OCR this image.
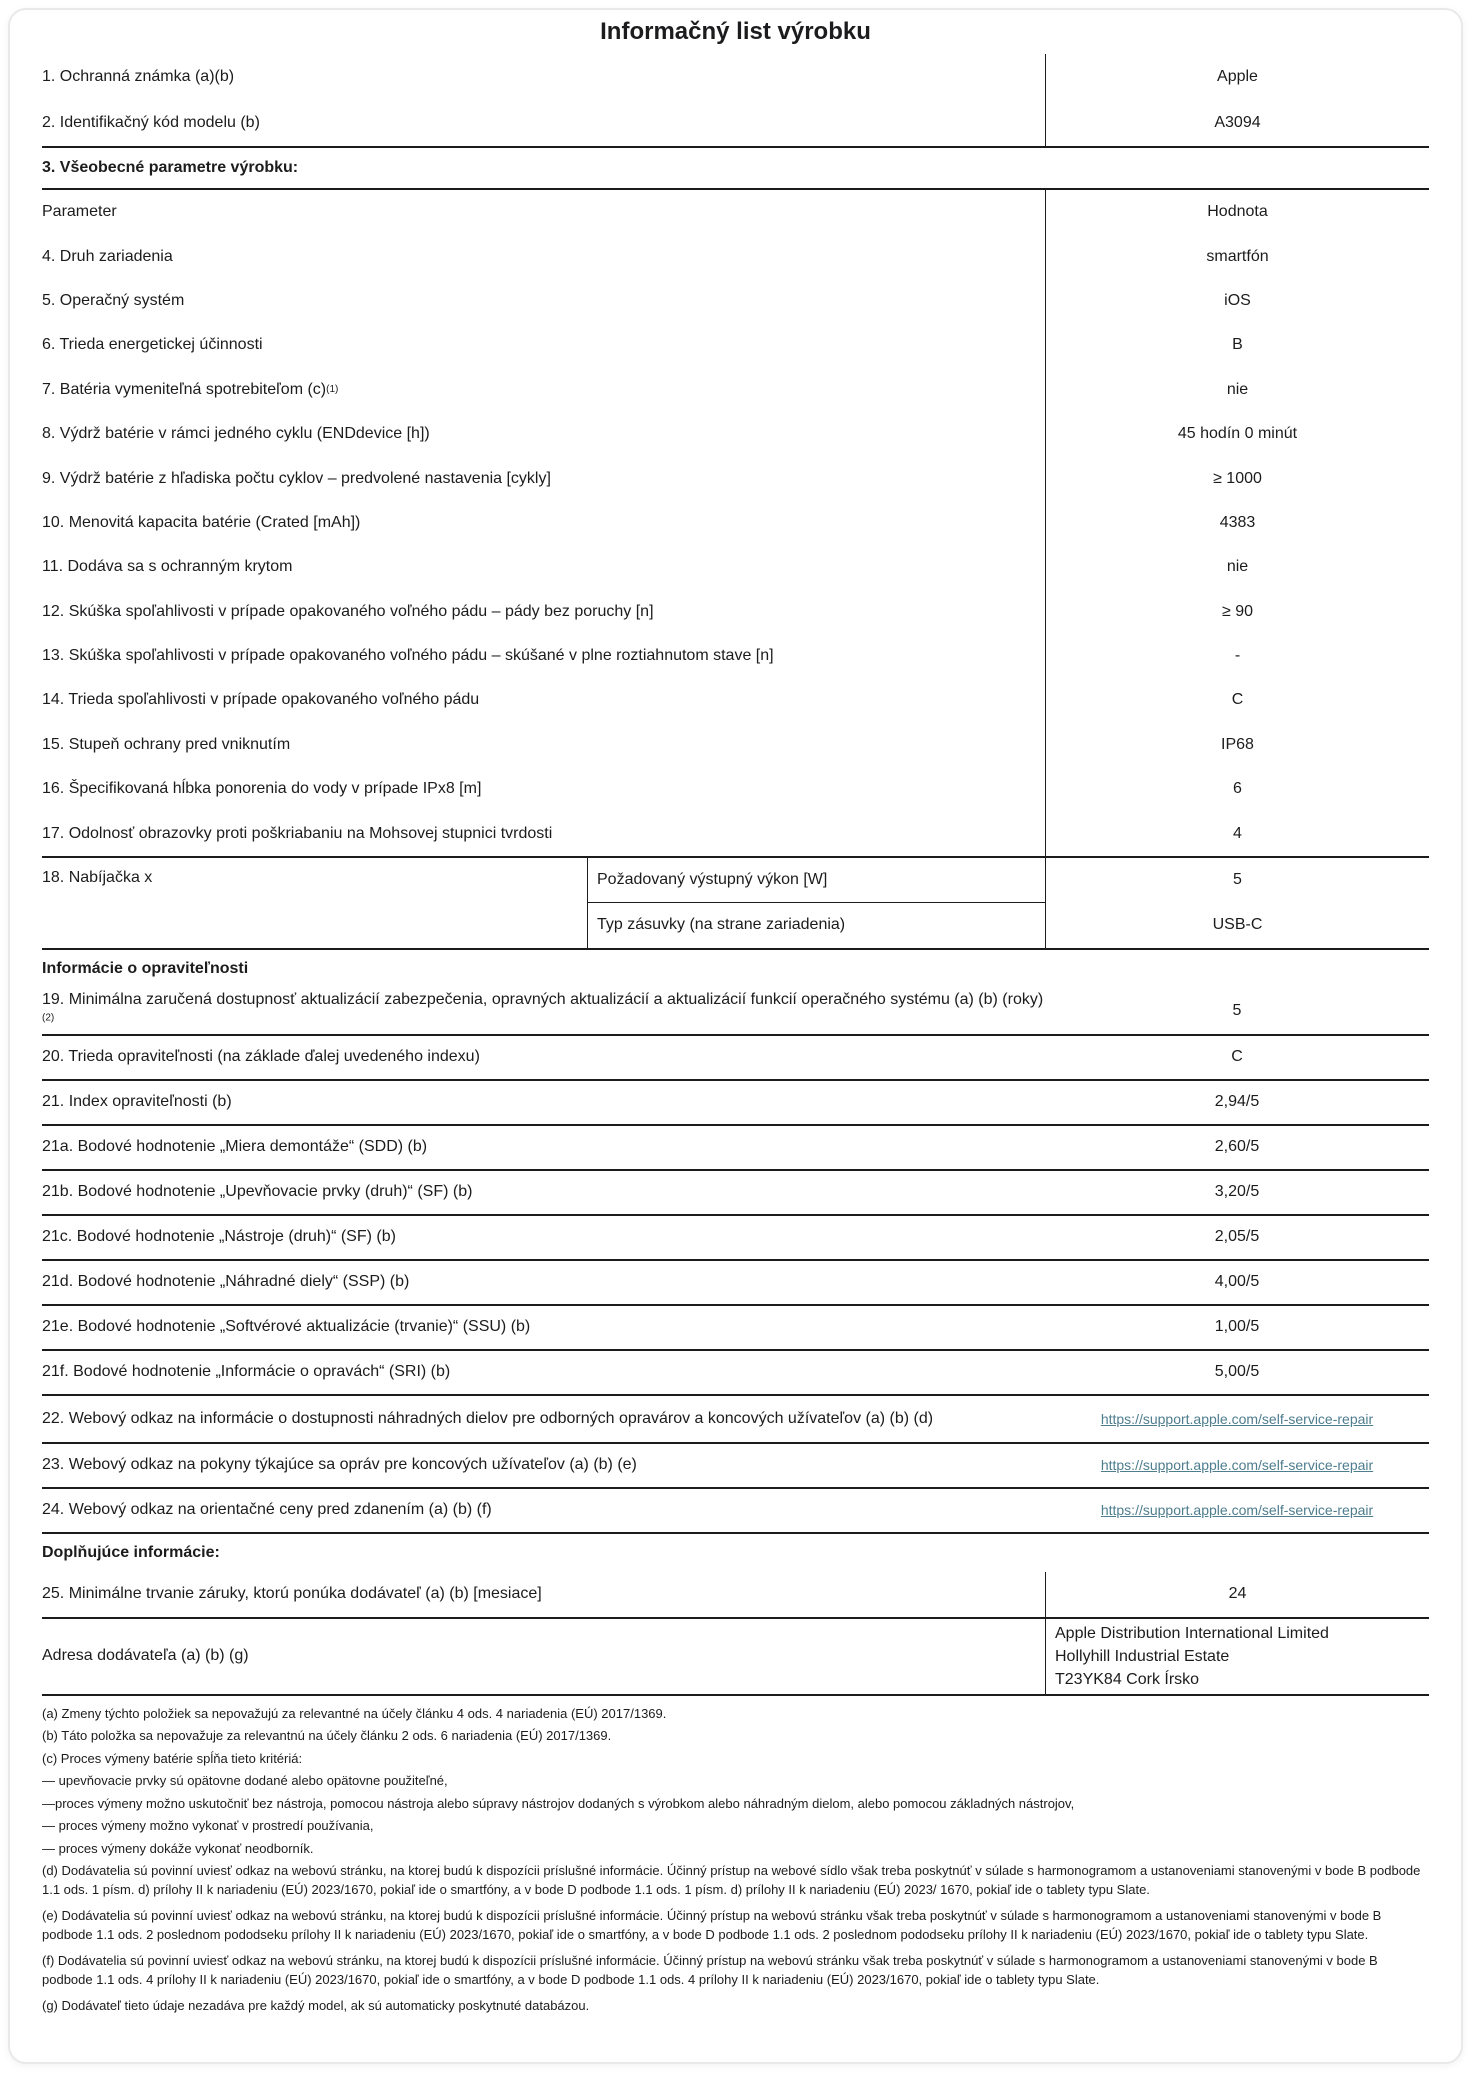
Informačný list výrobku
1. Ochranná známka (a)(b)	Apple
2. Identifikačný kód modelu (b)	A3094
3. Všeobecné parametre výrobku:
Parameter	Hodnota
4. Druh zariadenia	smartfón
5. Operačný systém	iOS
6. Trieda energetickej účinnosti	B
7. Batéria vymeniteľná spotrebiteľom (c) (1)	nie
8. Výdrž batérie v rámci jedného cyklu (ENDdevice [h])	45 hodín 0 minút
9. Výdrž batérie z hľadiska počtu cyklov – predvolené nastavenia [cykly]	≥ 1000
10. Menovitá kapacita batérie (Crated [mAh])	4383
11. Dodáva sa s ochranným krytom	nie
12. Skúška spoľahlivosti v prípade opakovaného voľného pádu – pády bez poruchy [n]	≥ 90
13. Skúška spoľahlivosti v prípade opakovaného voľného pádu – skúšané v plne roztiahnutom stave [n]	-
14. Trieda spoľahlivosti v prípade opakovaného voľného pádu	C
15. Stupeň ochrany pred vniknutím	IP68
16. Špecifikovaná hĺbka ponorenia do vody v prípade IPx8 [m]	6
17. Odolnosť obrazovky proti poškriabaniu na Mohsovej stupnici tvrdosti	4
18. Nabíjačka x	Požadovaný výstupný výkon [W]	5
Typ zásuvky (na strane zariadenia)	USB-C
Informácie o opraviteľnosti
19. Minimálna zaručená dostupnosť aktualizácií zabezpečenia, opravných aktualizácií a aktualizácií funkcií operačného systému (a) (b) (roky) $^{(2)}$	5
20. Trieda opraviteľnosti (na základe ďalej uvedeného indexu)	C
21. Index opraviteľnosti (b)	2,94/5
21a. Bodové hodnotenie „Miera demontáže“ (SDD) (b)	2,60/5
21b. Bodové hodnotenie „Upevňovacie prvky (druh)“ (SF) (b)	3,20/5
21c. Bodové hodnotenie „Nástroje (druh)“ (SF) (b)	2,05/5
21d. Bodové hodnotenie „Náhradné diely“ (SSP) (b)	4,00/5
21e. Bodové hodnotenie „Softvérové aktualizácie (trvanie)“ (SSU) (b)	1,00/5
21f. Bodové hodnotenie „Informácie o opravách“ (SRI) (b)	5,00/5
22. Webový odkaz na informácie o dostupnosti náhradných dielov pre odborných opravárov a koncových užívateľov (a) (b) (d)	https://support.apple.com/self-service-repair
23. Webový odkaz na pokyny týkajúce sa opráv pre koncových užívateľov (a) (b) (e)	https://support.apple.com/self-service-repair
24. Webový odkaz na orientačné ceny pred zdanením (a) (b) (f)	https://support.apple.com/self-service-repair
Doplňujúce informácie:
25. Minimálne trvanie záruky, ktorú ponúka dodávateľ (a) (b) [mesiace]	24
Adresa dodávateľa (a) (b) (g)
Apple Distribution International Limited
Hollyhill Industrial Estate
T23YK84 Cork Írsko

(a) Zmeny týchto položiek sa nepovažujú za relevantné na účely článku 4 ods. 4 nariadenia (EÚ) 2017/1369.

(b) Táto položka sa nepovažuje za relevantnú na účely článku 2 ods. 6 nariadenia (EÚ) 2017/1369.

(c) Proces výmeny batérie spĺňa tieto kritériá:

— upevňovacie prvky sú opätovne dodané alebo opätovne použiteľné,

—proces výmeny možno uskutočniť bez nástroja, pomocou nástroja alebo súpravy nástrojov dodaných s výrobkom alebo náhradným dielom, alebo pomocou základných nástrojov,

— proces výmeny možno vykonať v prostredí používania,

— proces výmeny dokáže vykonať neodborník.

(d) Dodávatelia sú povinní uviesť odkaz na webovú stránku, na ktorej budú k dispozícii príslušné informácie. Účinný prístup na webové sídlo však treba poskytnúť v súlade s harmonogramom a ustanoveniami stanovenými v bode B podbode 1.1 ods. 1 písm. d) prílohy II k nariadeniu (EÚ) 2023/1670, pokiaľ ide o smartfóny, a v bode D podbode 1.1 ods. 1 písm. d) prílohy II k nariadeniu (EÚ) 2023/ 1670, pokiaľ ide o tablety typu Slate.

(e) Dodávatelia sú povinní uviesť odkaz na webovú stránku, na ktorej budú k dispozícii príslušné informácie. Účinný prístup na webovú stránku však treba poskytnúť v súlade s harmonogramom a ustanoveniami stanovenými v bode B podbode 1.1 ods. 2 poslednom pododseku prílohy II k nariadeniu (EÚ) 2023/1670, pokiaľ ide o smartfóny, a v bode D podbode 1.1 ods. 2 poslednom pododseku prílohy II k nariadeniu (EÚ) 2023/1670, pokiaľ ide o tablety typu Slate.

(f) Dodávatelia sú povinní uviesť odkaz na webovú stránku, na ktorej budú k dispozícii príslušné informácie. Účinný prístup na webovú stránku však treba poskytnúť v súlade s harmonogramom a ustanoveniami stanovenými v bode B podbode 1.1 ods. 4 prílohy II k nariadeniu (EÚ) 2023/1670, pokiaľ ide o smartfóny, a v bode D podbode 1.1 ods. 4 prílohy II k nariadeniu (EÚ) 2023/1670, pokiaľ ide o tablety typu Slate.

(g) Dodávateľ tieto údaje nezadáva pre každý model, ak sú automaticky poskytnuté databázou.
